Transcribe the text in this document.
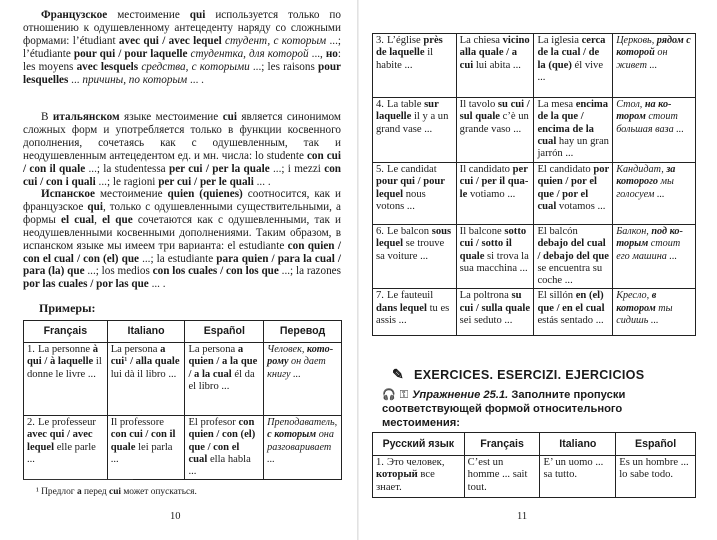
Французское местоимение qui используется только по отношению к одушевленному антецеденту наряду со сложными формами: l’étudiant avec qui / avec lequel студент, с которым ...; l’étudiante pour qui / pour laquelle студентка, для которой ..., но: les moyens avec lesquels средства, с которыми ...; les raisons pour lesquelles ... причины, по которым ... .

В итальянском языке местоимение cui является синонимом сложных форм и употребляется только в функции косвенного дополнения, сочетаясь как с одушевленным, так и неодушевленным антецедентом ед. и мн. числа: lo studente con cui / con il quale ...; la studentessa per cui / per la quale ...; i mezzi con cui / con i quali ...; le ragioni per cui / per le quali ... .

Испанское местоимение quien (quienes) соотносится, как и французское qui, только с одушевленными существительными, а формы el cual, el que сочетаются как с одушевленными, так и неодушевленными косвенными дополнениями. Таким образом, в испанском языке мы имеем три варианта: el estudiante con quien / con el cual / con (el) que ...; la estudiante para quien / para la cual / para (la) que ...; los medios con los cuales / con los que ...; la razones por las cuales / por las que ... .

Примеры:
Français	Italiano	Español	Перевод
1. La personne à qui / à laquelle il donne le livre ...	La persona a cui¹ / alla quale lui dà il libro ...	La persona a quien / a la que / a la cual él da el libro ...	Человек, которому он дает книгу ...
2. Le professeur avec qui / avec lequel elle parle ...	Il professore con cui / con il quale lei parla ...	El profesor con quien / con (el) que / con el cual ella habla ...	Преподаватель, с которым она разговаривает ...
¹ Предлог a перед cui может опускаться.
10
3. L’église près de laquelle il habite ...	La chiesa vicino alla quale / a cui lui abita ...	La iglesia cerca de la cual / de la (que) él vive ...	Церковь, рядом с которой он живет ...
4. La table sur laquelle il y a un grand vase ...	Il tavolo su cui / sul quale c’è un grande vaso ...	La mesa encima de la que / encima de la cual hay un gran jarrón ...	Стол, на котором стоит большая ваза ...
5. Le candidat pour qui / pour lequel nous votons ...	Il candidato per cui / per il quale votiamo ...	El candidato por quien / por el que / por el cual votamos ...	Кандидат, за которого мы голосуем ...
6. Le balcon sous lequel se trouve sa voiture ...	Il balcone sotto cui / sotto il quale si trova la sua macchina ...	El balcón debajo del cual / debajo del que se encuentra su coche ...	Балкон, под которым стоит его машина ...
7. Le fauteuil dans lequel tu es assis ...	La poltrona su cui / sulla quale sei seduto ...	El sillón en (el) que / en el cual estás sentado ...	Кресло, в котором ты сидишь ...
✎ EXERCICES. ESERCIZI. EJERCICIOS
🎧 ⚿ Упражнение 25.1. Заполните пропуски соответствующей формой относительного местоимения:
Русский язык	Français	Italiano	Español
1. Это человек, который все знает.	C’est un homme ... sait tout.	E’ un uomo ... sa tutto.	Es un hombre ... lo sabe todo.
11
